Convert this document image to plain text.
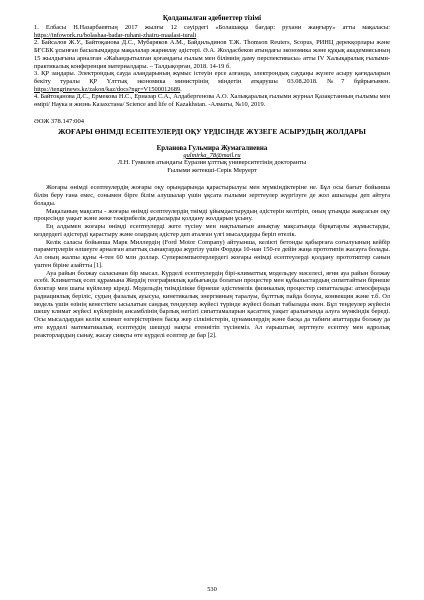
Қолданылған әдебиеттер тізімі
1. Елбасы Н.Назарбаевтың 2017 жылғы 12 сәуірдегі «Болашаққа бағдар: рухани жаңғыру» атты мақаласы: https://infowork.ru/bolashaa-badar-ruhani-zhairu-maalasi-turali
2. Байсалов Ж.У., Байтоқанова Д.С., Мубаряков А.М., Байдильдинов Т.Ж. Thomson Reuters, Scopus, РИНЦ дерекқорлары және БҒСБК ұсынған басылымдарда мақалалар жариялау әдістері. Ә.А. Жолдасбеков атындағы экономика және құқық академиясының 15 жылдығына арналған «Жаһандытылған қоғамдағы ғылым мен білімнің даму перспективасы» атты IV Халықаралық ғылыми-практикалық конференция материалдары. – Талдықорған, 2018. 14-19 б.
3. ҚР заңдары. Электрондық сауда алаңдарының жұмыс істеуін ерсе алғанда, электрондық саудаңы жүзеге асыру қағидаларын бекіту туралы ҚР Үлттық экономика министрінің міндетін атқарушы 03.08.2018. №7 бұйрығымен. https://tengrinews.kz/zakon/kaz/docs?ngr=V1500012689.
4. Байтоқанова Д.С., Ермекова Н.С., Ерназар С.А., Алдабергенова А.О. Халықаралық ғылыми журнал Қазақстанның ғылымы мен өмірі/ Наука и жизнь Казахстана/ Science and life of Kazakhstan. -Алматы, №10, 2019.
ӘОЖ 378.147:004
ЖОҒАРЫ ӨНІМДІ ЕСЕПТЕУЛЕРДІ ОҚУ ҮРДІСІНДЕ ЖҮЗЕГЕ АСЫРУДЫҢ ЖОЛДАРЫ
Ерланова Гульмира Жумагалиевна
gulmirka_78@mail.ru
Л.Н. Гумилев атындағы Еуразия ұлттық университетінің докторанты
Ғылыми жетекші-Серік Меруерт

Жоғары өнімді есептеулердің жоғары оқу орындарында қарастырылуы мен мүмкіндіктеріне не. Бұл осы бағыт бойынша білім беру ғана емес, сонымен бірге білім алушылар үшін ұқсата ғылыми зерттеулер жүргізуге де жол ашылады деп айтуға болады.

Мақаланың мақсаты - жоғары өнімді есептеулердің тиімді ұйымдастырудың әдістерін келтіріп, оның ұтымды жақсасын оқу процесінде уақыт және жеке тәжірибелік дағдыларды қолдану жолдарын ұсыну.

Ең алдымен жоғары өнімді есептеулерді жете түсіну мен нақтылығын анықтау мақсатында бірқатарлы жұмыстарды, кездердегі әдістерді қарастыру және олардың әдістер деп аталған үлгі мысалдарды беріп өтелік.

Келік саласы бойынша Марк Миллердің (Ford Motor Company) айтуынша, келікті бетонды қабырғаға соғылуының кейбір параметрлерін өлшеуге арналған апаттық сынақтарды жүргізу үшін Фордқа 10-нан 150-ге дейін жаңа прототипін жасауға болады. Ал оның жалпы құны 4-тен 60 млн доллар. Суперкомпьютерлердегі жоғары өнімді есептеулерді қолдану прототиптер санын үштен біріне азайтты [1].

Ауа райын болжау саласынан бір мысал. Күрделі есептеулердің бірі-климаттық модельдеу мәселесі, яғни ауа райын болжау есебі. Климаттық есеп құрамына Жердің географиялық қабығында болатын процестер мен құбылыстардың сипаттайтын бірнеше блоктар мен шағы күйлелер кіреді. Модельдің тиімділікке бірнеше әдістемелік физикалық процестер сипатталады: атмосферада радиациялық беріліс, судың фазалық ауысуы, кинетикалық энергияның таралуы, бұлттық пайда болуы, конвекция және т.б. Ол модель үшін өзінің кенестікте ысылатын сандық тендеулер жүйесі түрінде жүйесі болып табылады екен. Бұл теңдеулер жүйесін шешу климат жүйесі күйлерінің ансамблінің барлық негізгі сипаттамаларын қасаттеқ уақыт аралығында алуға мүмкіндік береді. Осы мысалдардан келім климат өзгерістерінен басқа жер сілкіністерін, цунамилердің және басқа да табиғи апаттарды болжау да өте күрделі математикалық есептеудің шешуді нақты етеннітіп түсінеміз. Ал ғарыштың зерттеуге есептеу мен ядролық реакторлардың сынау, жасау сияқты өте күрделі есептер де бар [2].

530
